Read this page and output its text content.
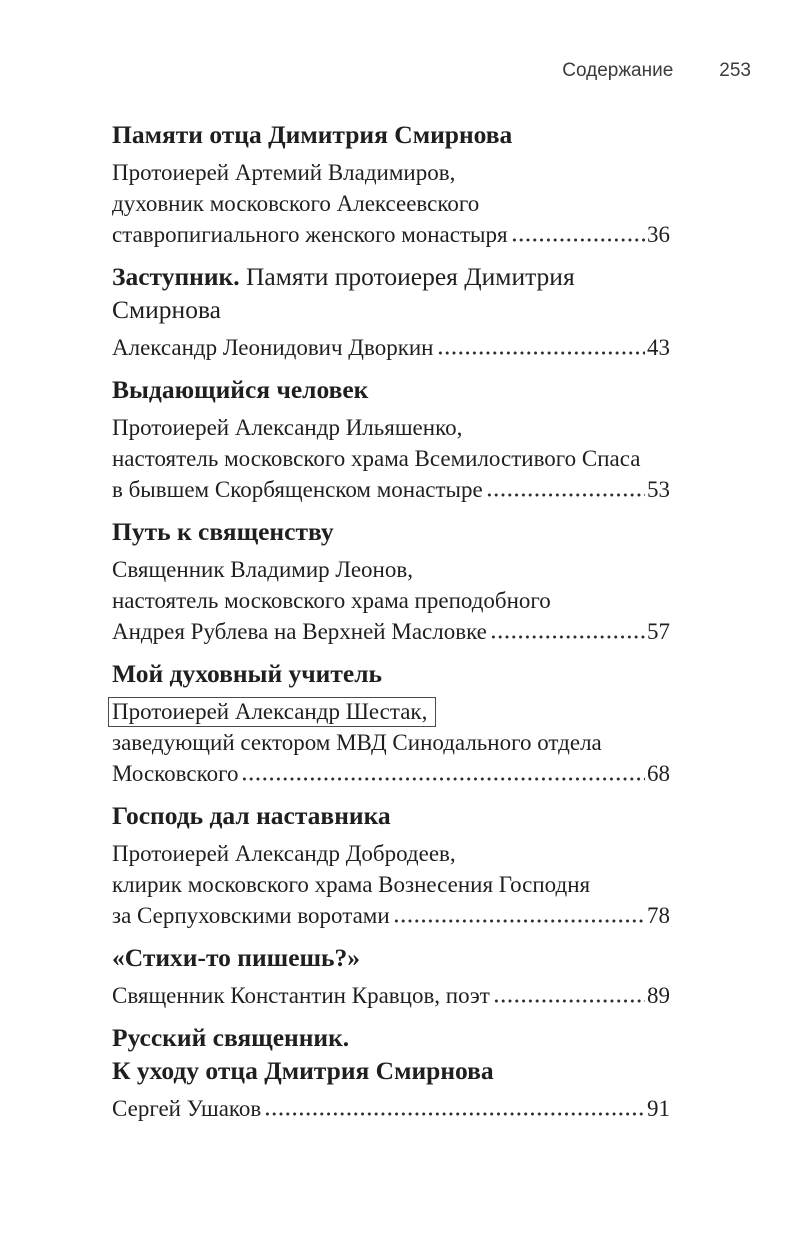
Содержание 253
Памяти отца Димитрия Смирнова
Протоиерей Артемий Владимиров,
духовник московского Алексеевского
ставропигиального женского монастыря	36
Заступник. Памяти протоиерея Димитрия
Смирнова
Александр Леонидович Дворкин	43
Выдающийся человек
Протоиерей Александр Ильяшенко,
настоятель московского храма Всемилостивого Спаса
в бывшем Скорбященском монастыре	53
Путь к священству
Священник Владимир Леонов,
настоятель московского храма преподобного
Андрея Рублева на Верхней Масловке	57
Мой духовный учитель
Протоиерей Александр Шестак,
заведующий сектором МВД Синодального отдела
Московского	68
Господь дал наставника
Протоиерей Александр Добродеев,
клирик московского храма Вознесения Господня
за Серпуховскими воротами	78
«Стихи-то пишешь?»
Священник Константин Кравцов, поэт	89
Русский священник.
К уходу отца Дмитрия Смирнова
Сергей Ушаков	91
